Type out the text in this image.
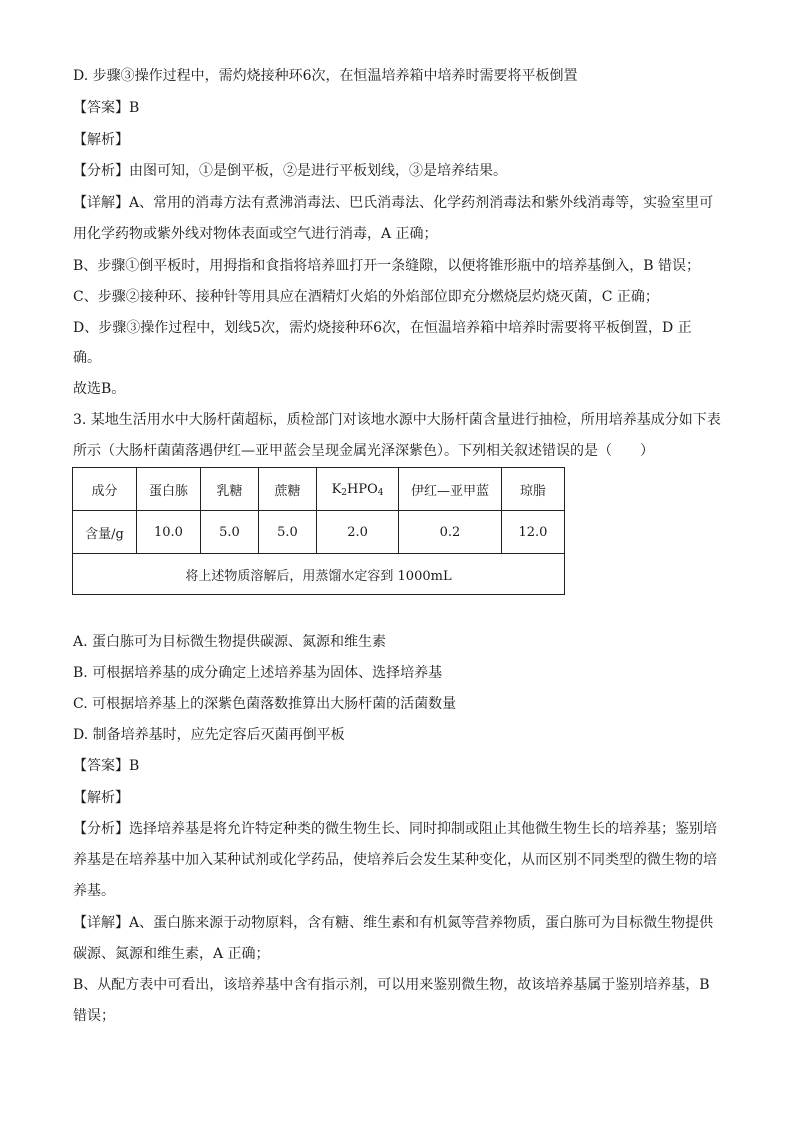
D. 步骤③操作过程中，需灼烧接种环6次，在恒温培养箱中培养时需要将平板倒置
【答案】B
【解析】
【分析】由图可知，①是倒平板，②是进行平板划线，③是培养结果。
【详解】A、常用的消毒方法有煮沸消毒法、巴氏消毒法、化学药剂消毒法和紫外线消毒等，实验室里可
用化学药物或紫外线对物体表面或空气进行消毒，A 正确；
B、步骤①倒平板时，用拇指和食指将培养皿打开一条缝隙，以便将锥形瓶中的培养基倒入，B 错误；
C、步骤②接种环、接种针等用具应在酒精灯火焰的外焰部位即充分燃烧层灼烧灭菌，C 正确；
D、步骤③操作过程中，划线5次，需灼烧接种环6次，在恒温培养箱中培养时需要将平板倒置，D 正
确。
故选B。
3. 某地生活用水中大肠杆菌超标，质检部门对该地水源中大肠杆菌含量进行抽检，所用培养基成分如下表
所示（大肠杆菌菌落遇伊红—亚甲蓝会呈现金属光泽深紫色）。下列相关叙述错误的是（　　）
成分	蛋白胨	乳糖	蔗糖	$K_2HPO_4$	伊红—亚甲蓝	琼脂
含量/g	10.0	5.0	5.0	2.0	0.2	12.0
将上述物质溶解后，用蒸馏水定容到 1000mL						
A. 蛋白胨可为目标微生物提供碳源、氮源和维生素
B. 可根据培养基的成分确定上述培养基为固体、选择培养基
C. 可根据培养基上的深紫色菌落数推算出大肠杆菌的活菌数量
D. 制备培养基时，应先定容后灭菌再倒平板
【答案】B
【解析】
【分析】选择培养基是将允许特定种类的微生物生长、同时抑制或阻止其他微生物生长的培养基；鉴别培
养基是在培养基中加入某种试剂或化学药品，使培养后会发生某种变化，从而区别不同类型的微生物的培
养基。
【详解】A、蛋白胨来源于动物原料，含有糖、维生素和有机氮等营养物质，蛋白胨可为目标微生物提供
碳源、氮源和维生素，A 正确；
B、从配方表中可看出，该培养基中含有指示剂，可以用来鉴别微生物，故该培养基属于鉴别培养基，B
错误；
